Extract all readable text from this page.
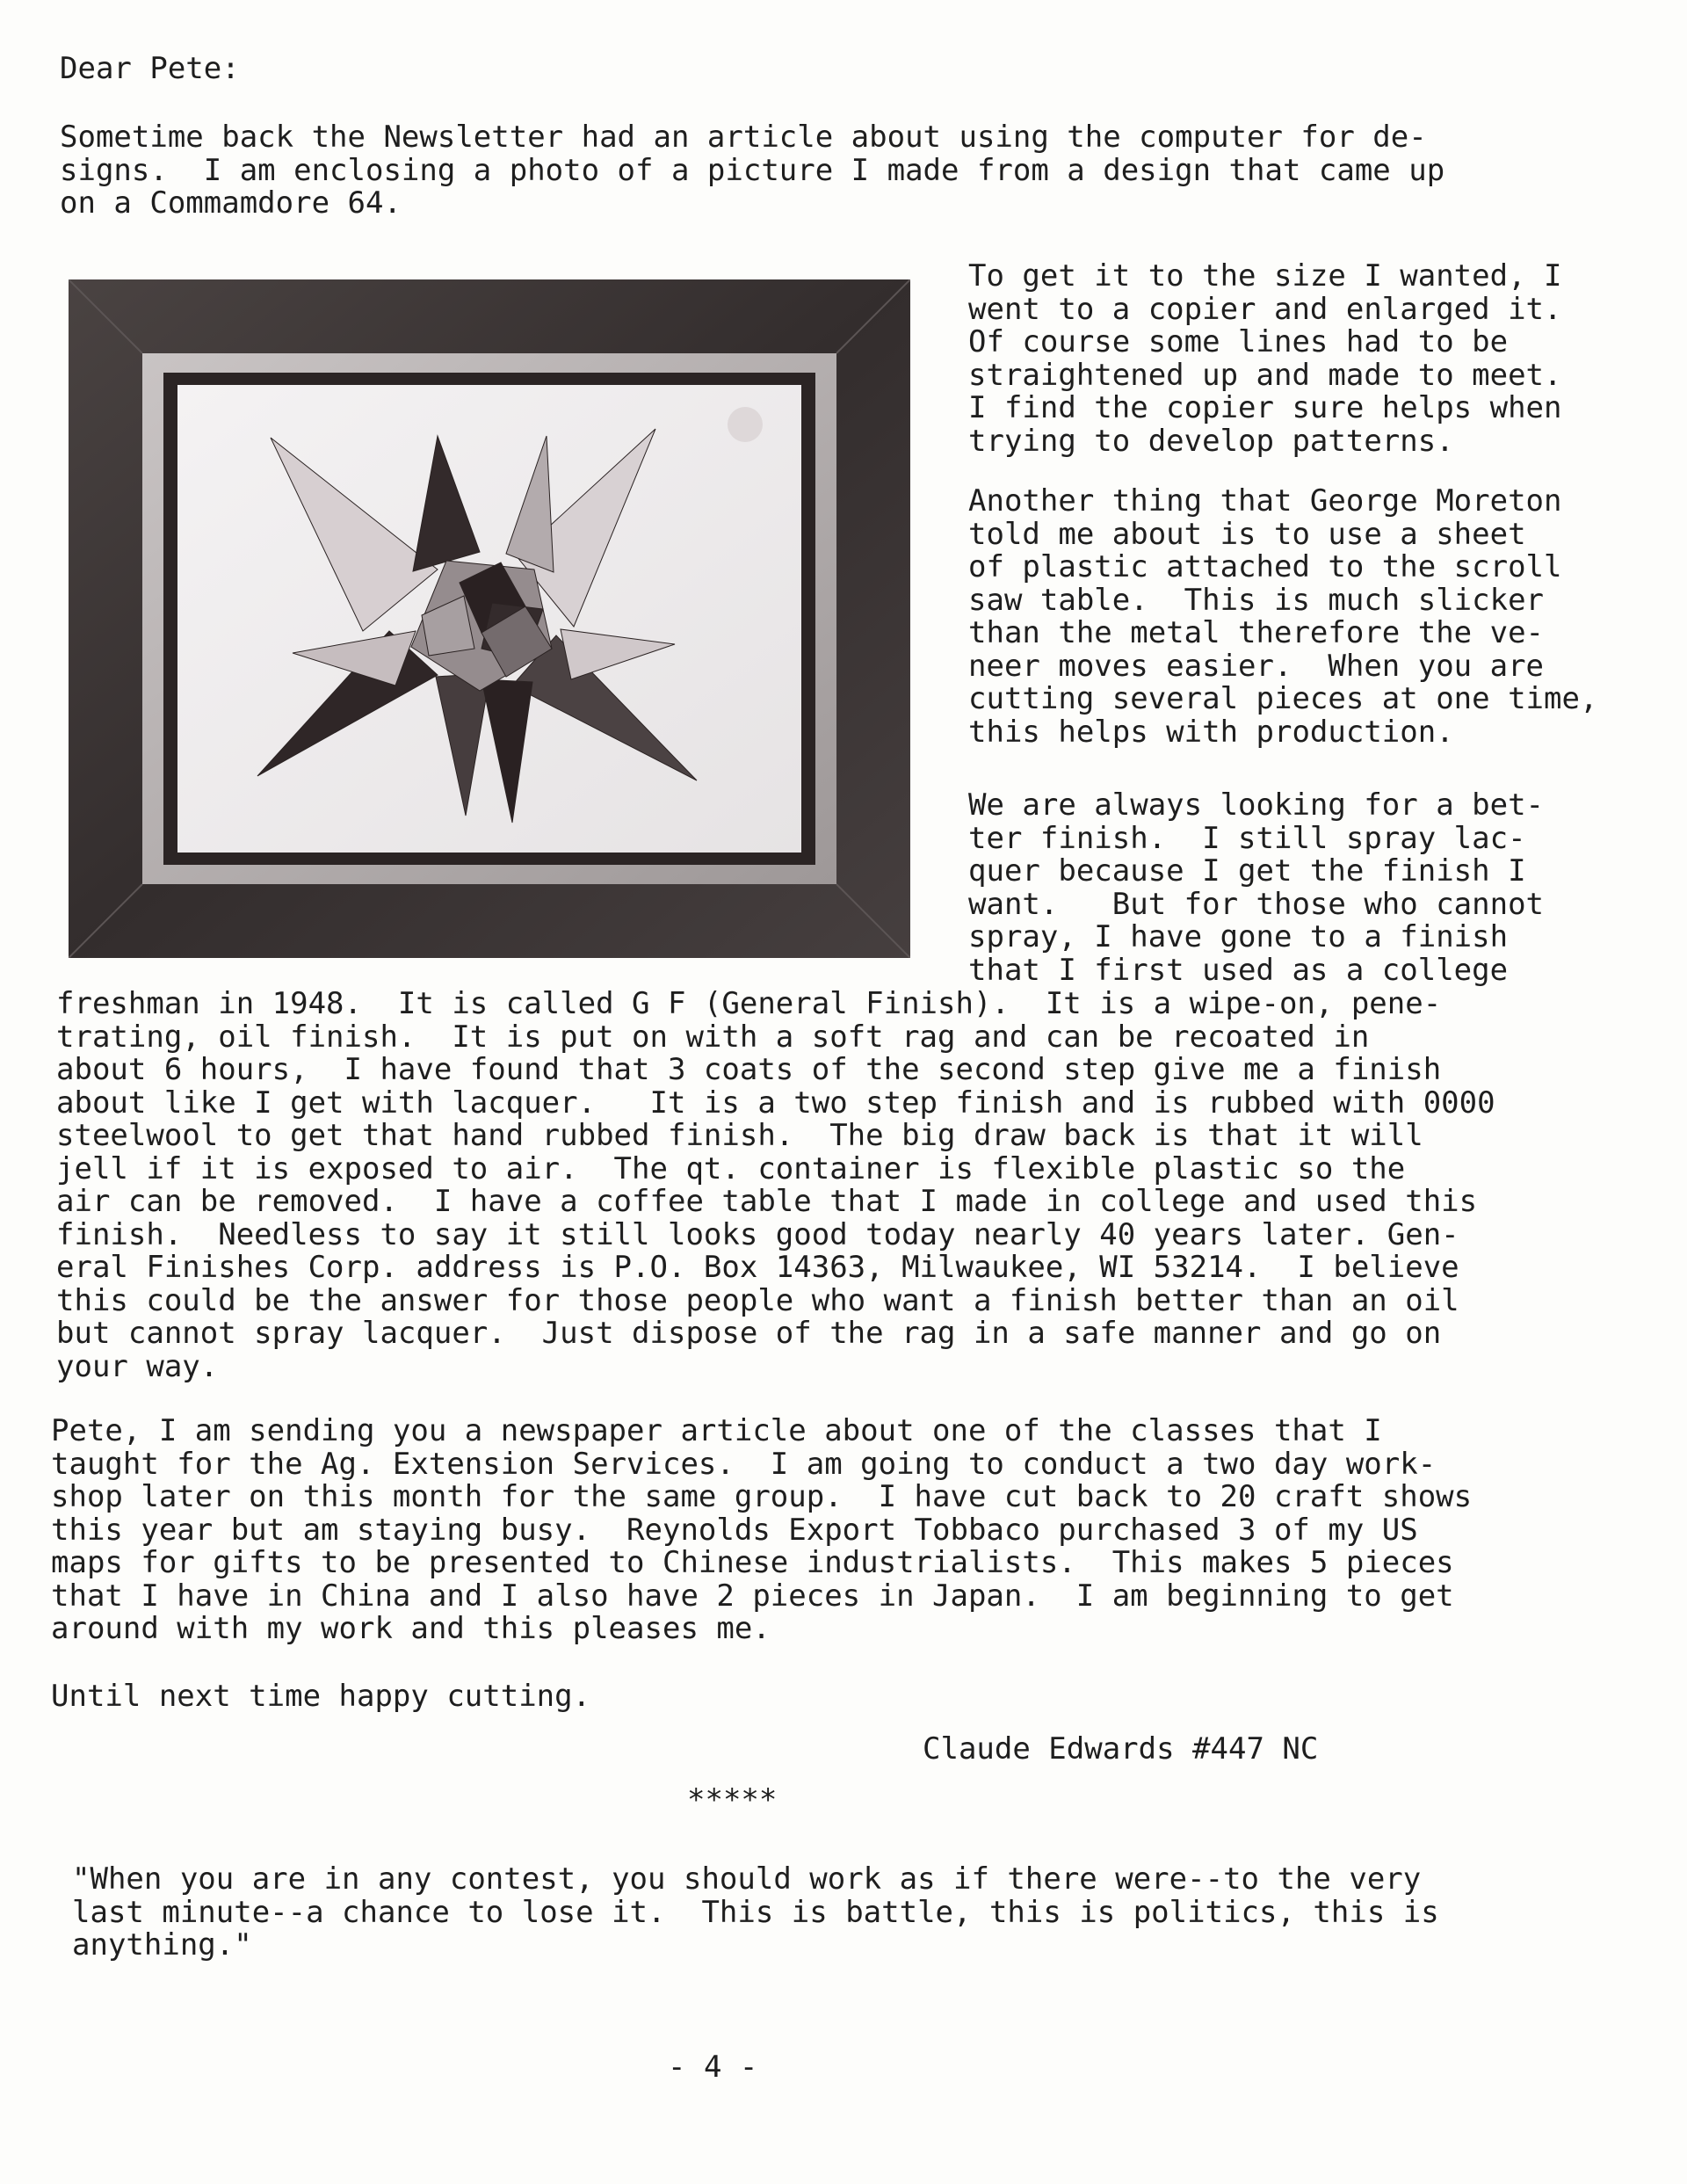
Dear Pete:

Sometime back the Newsletter had an article about using the computer for de-
signs.  I am enclosing a photo of a picture I made from a design that came up
on a Commamdore 64.

To get it to the size I wanted, I
went to a copier and enlarged it.
Of course some lines had to be
straightened up and made to meet.
I find the copier sure helps when
trying to develop patterns.

Another thing that George Moreton
told me about is to use a sheet
of plastic attached to the scroll
saw table.  This is much slicker
than the metal therefore the ve-
neer moves easier.  When you are
cutting several pieces at one time,
this helps with production.

We are always looking for a bet-
ter finish.  I still spray lac-
quer because I get the finish I
want.   But for those who cannot
spray, I have gone to a finish
that I first used as a college

freshman in 1948.  It is called G F (General Finish).  It is a wipe-on, pene-
trating, oil finish.  It is put on with a soft rag and can be recoated in
about 6 hours,  I have found that 3 coats of the second step give me a finish
about like I get with lacquer.   It is a two step finish and is rubbed with 0000
steelwool to get that hand rubbed finish.  The big draw back is that it will
jell if it is exposed to air.  The qt. container is flexible plastic so the
air can be removed.  I have a coffee table that I made in college and used this
finish.  Needless to say it still looks good today nearly 40 years later. Gen-
eral Finishes Corp. address is P.O. Box 14363, Milwaukee, WI 53214.  I believe
this could be the answer for those people who want a finish better than an oil
but cannot spray lacquer.  Just dispose of the rag in a safe manner and go on
your way.

Pete, I am sending you a newspaper article about one of the classes that I
taught for the Ag. Extension Services.  I am going to conduct a two day work-
shop later on this month for the same group.  I have cut back to 20 craft shows
this year but am staying busy.  Reynolds Export Tobbaco purchased 3 of my US
maps for gifts to be presented to Chinese industrialists.  This makes 5 pieces
that I have in China and I also have 2 pieces in Japan.  I am beginning to get
around with my work and this pleases me.

Until next time happy cutting.

Claude Edwards #447 NC

*****

"When you are in any contest, you should work as if there were--to the very
last minute--a chance to lose it.  This is battle, this is politics, this is
anything."

- 4 -
